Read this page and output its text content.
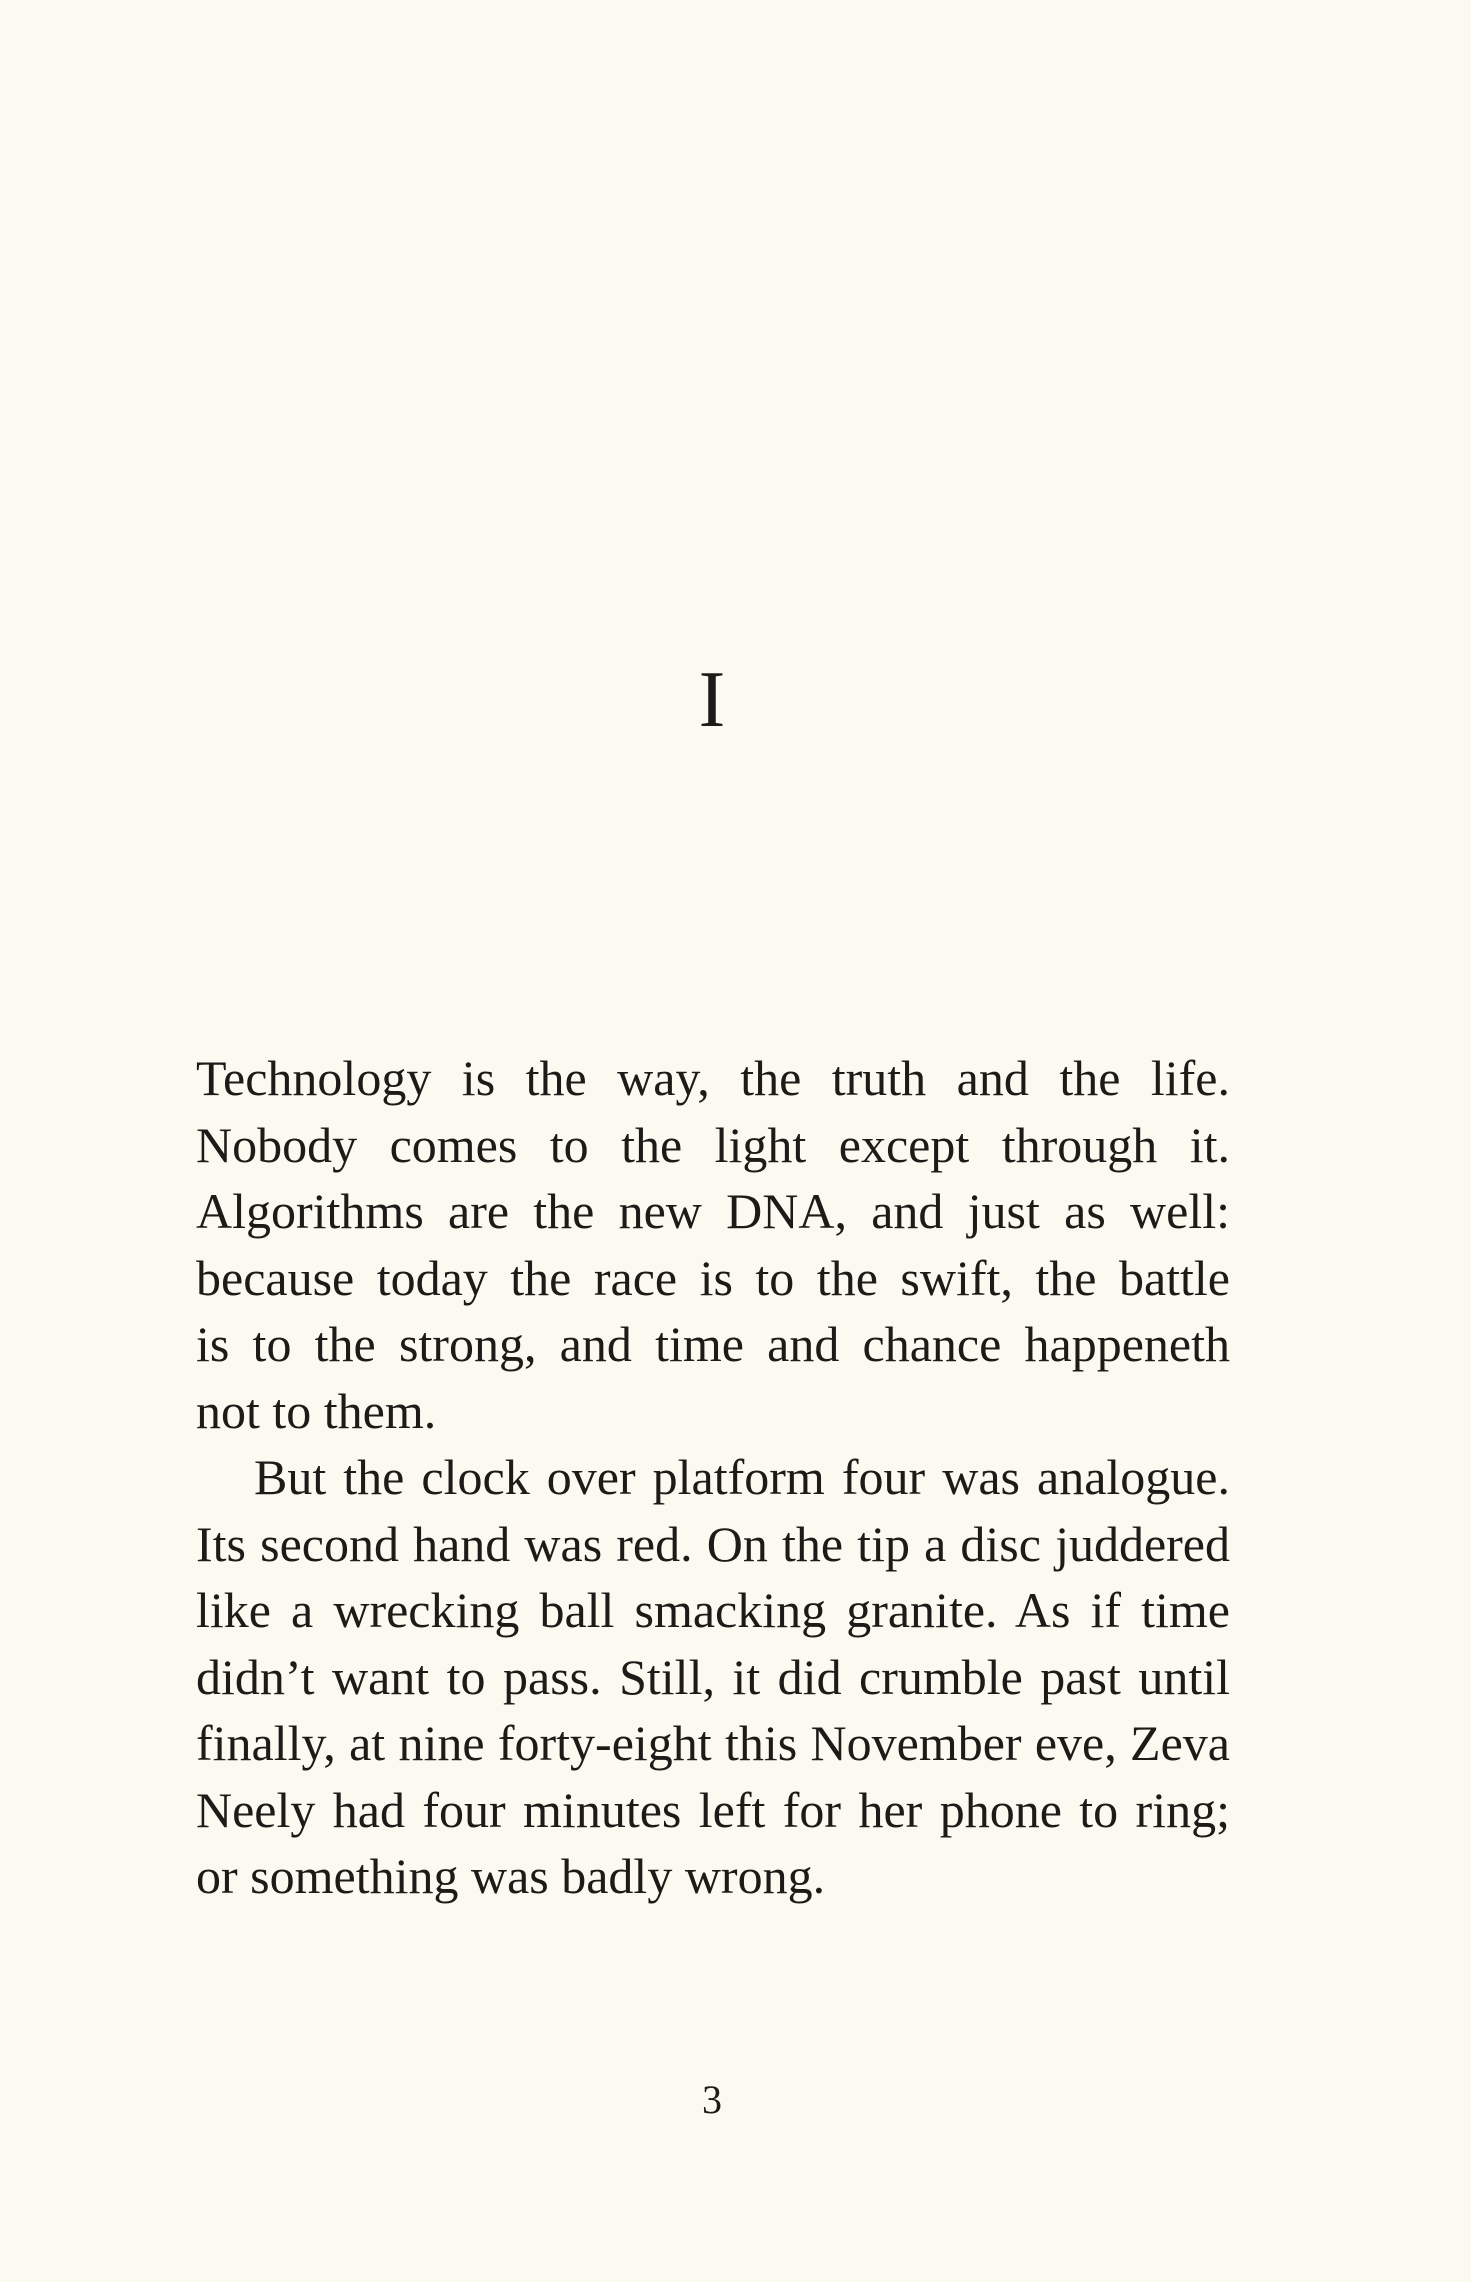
I

Technology is the way, the truth and the life.
Nobody comes to the light except through it.
Algorithms are the new DNA, and just as well:
because today the race is to the swift, the battle
is to the strong, and time and chance happeneth
not to them.

But the clock over platform four was analogue.
Its second hand was red. On the tip a disc juddered
like a wrecking ball smacking granite. As if time
didn’t want to pass. Still, it did crumble past until
finally, at nine forty-eight this November eve, Zeva
Neely had four minutes left for her phone to ring;
or something was badly wrong.

3
